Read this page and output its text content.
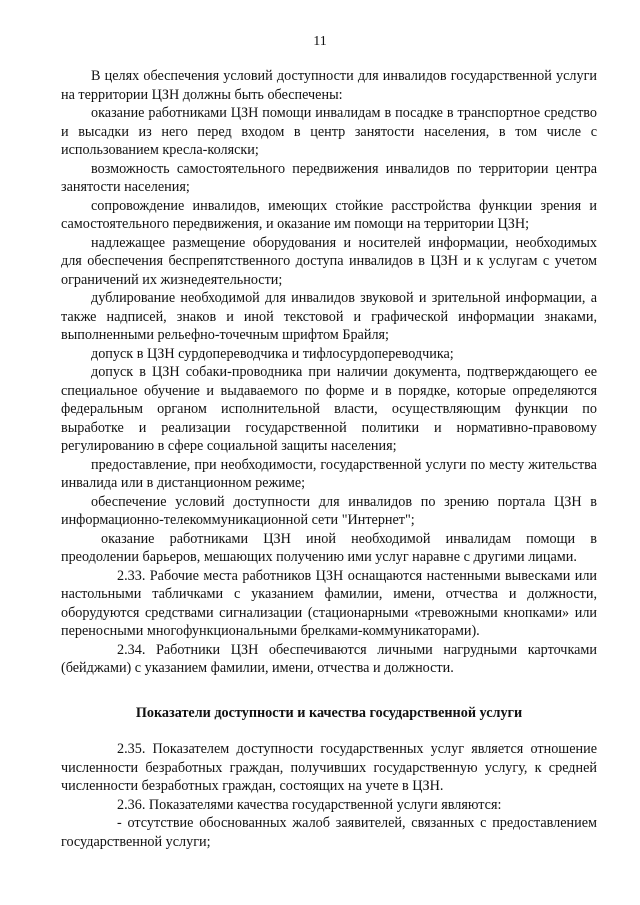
11

В целях обеспечения условий доступности для инвалидов государственной услуги на территории ЦЗН должны быть обеспечены:

оказание работниками ЦЗН помощи инвалидам в посадке в транспортное средство и высадки из него перед входом в центр занятости населения, в том числе с использованием кресла-коляски;

возможность самостоятельного передвижения инвалидов по территории центра занятости населения;

сопровождение инвалидов, имеющих стойкие расстройства функции зрения и самостоятельного передвижения, и оказание им помощи на территории ЦЗН;

надлежащее размещение оборудования и носителей информации, необходимых для обеспечения беспрепятственного доступа инвалидов в ЦЗН и к услугам с учетом ограничений их жизнедеятельности;

дублирование необходимой для инвалидов звуковой и зрительной информации, а также надписей, знаков и иной текстовой и графической информации знаками, выполненными рельефно-точечным шрифтом Брайля;

допуск в ЦЗН сурдопереводчика и тифлосурдопереводчика;

допуск в ЦЗН собаки-проводника при наличии документа, подтверждающего ее специальное обучение и выдаваемого по форме и в порядке, которые определяются федеральным органом исполнительной власти, осуществляющим функции по выработке и реализации государственной политики и нормативно-правовому регулированию в сфере социальной защиты населения;

предоставление, при необходимости, государственной услуги по месту жительства инвалида или в дистанционном режиме;

обеспечение условий доступности для инвалидов по зрению портала ЦЗН в информационно-телекоммуникационной сети "Интернет";

оказание работниками ЦЗН иной необходимой инвалидам помощи в преодолении барьеров, мешающих получению ими услуг наравне с другими лицами.

2.33. Рабочие места работников ЦЗН оснащаются настенными вывесками или настольными табличками с указанием фамилии, имени, отчества и должности, оборудуются средствами сигнализации (стационарными «тревожными кнопками» или переносными многофункциональными брелками-коммуникаторами).

2.34. Работники ЦЗН обеспечиваются личными нагрудными карточками (бейджами) с указанием фамилии, имени, отчества и должности.

Показатели доступности и качества государственной услуги

2.35. Показателем доступности государственных услуг является отношение численности безработных граждан, получивших государственную услугу, к средней численности безработных граждан, состоящих на учете в ЦЗН.

2.36. Показателями качества государственной услуги являются:

- отсутствие обоснованных жалоб заявителей, связанных с предоставлением государственной услуги;
